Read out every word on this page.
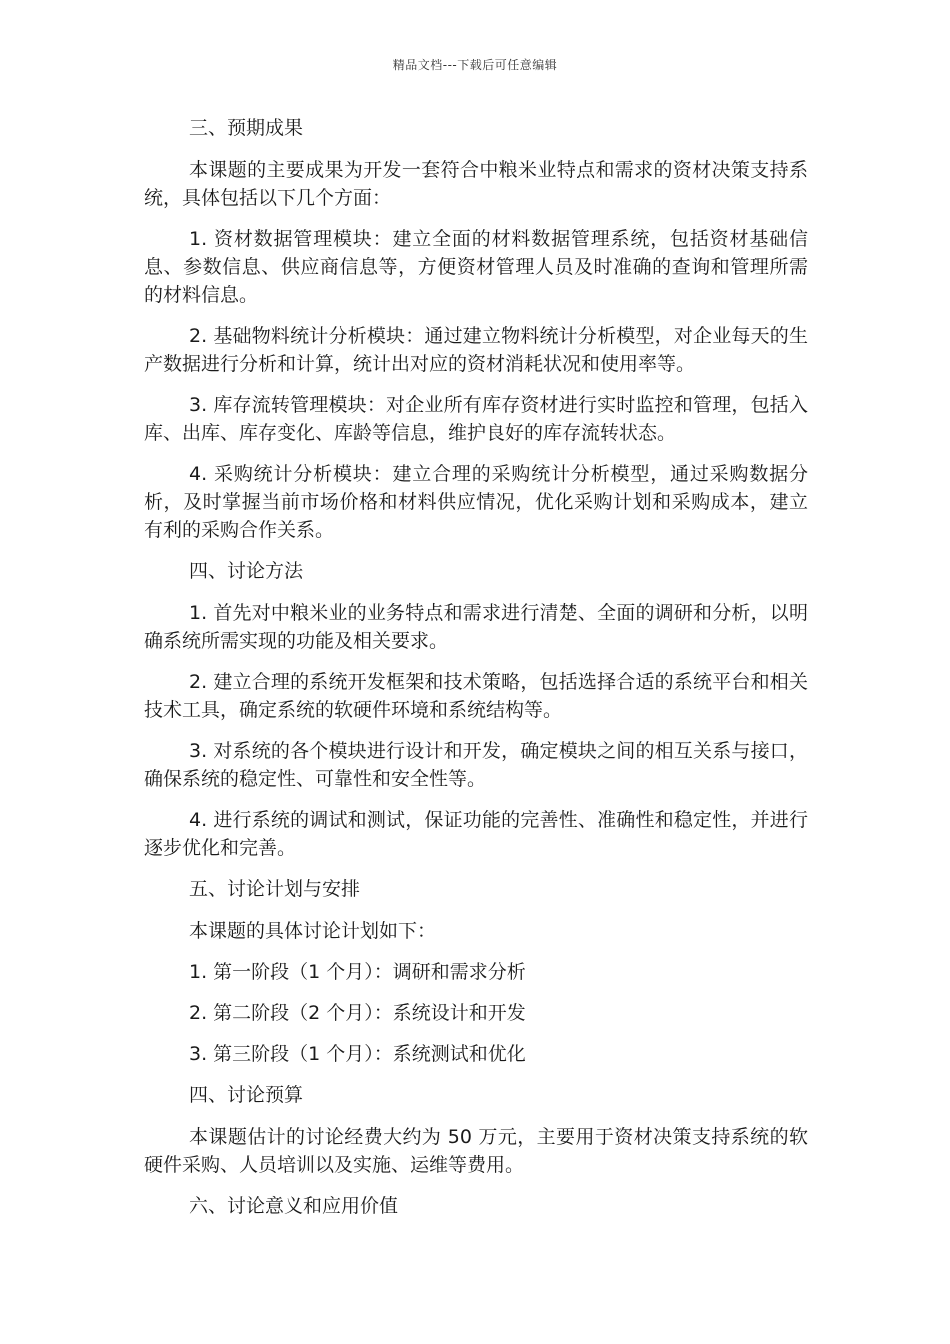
精品文档---下载后可任意编辑

三、预期成果

本课题的主要成果为开发一套符合中粮米业特点和需求的资材决策支持系统，具体包括以下几个方面：

1. 资材数据管理模块：建立全面的材料数据管理系统，包括资材基础信息、参数信息、供应商信息等，方便资材管理人员及时准确的查询和管理所需的材料信息。

2. 基础物料统计分析模块：通过建立物料统计分析模型，对企业每天的生产数据进行分析和计算，统计出对应的资材消耗状况和使用率等。

3. 库存流转管理模块：对企业所有库存资材进行实时监控和管理，包括入库、出库、库存变化、库龄等信息，维护良好的库存流转状态。

4. 采购统计分析模块：建立合理的采购统计分析模型，通过采购数据分析，及时掌握当前市场价格和材料供应情况，优化采购计划和采购成本，建立有利的采购合作关系。

四、讨论方法

1. 首先对中粮米业的业务特点和需求进行清楚、全面的调研和分析，以明确系统所需实现的功能及相关要求。

2. 建立合理的系统开发框架和技术策略，包括选择合适的系统平台和相关技术工具，确定系统的软硬件环境和系统结构等。

3. 对系统的各个模块进行设计和开发，确定模块之间的相互关系与接口，确保系统的稳定性、可靠性和安全性等。

4. 进行系统的调试和测试，保证功能的完善性、准确性和稳定性，并进行逐步优化和完善。

五、讨论计划与安排

本课题的具体讨论计划如下：

1. 第一阶段（1 个月）：调研和需求分析

2. 第二阶段（2 个月）：系统设计和开发

3. 第三阶段（1 个月）：系统测试和优化

四、讨论预算

本课题估计的讨论经费大约为 50 万元，主要用于资材决策支持系统的软硬件采购、人员培训以及实施、运维等费用。

六、讨论意义和应用价值
